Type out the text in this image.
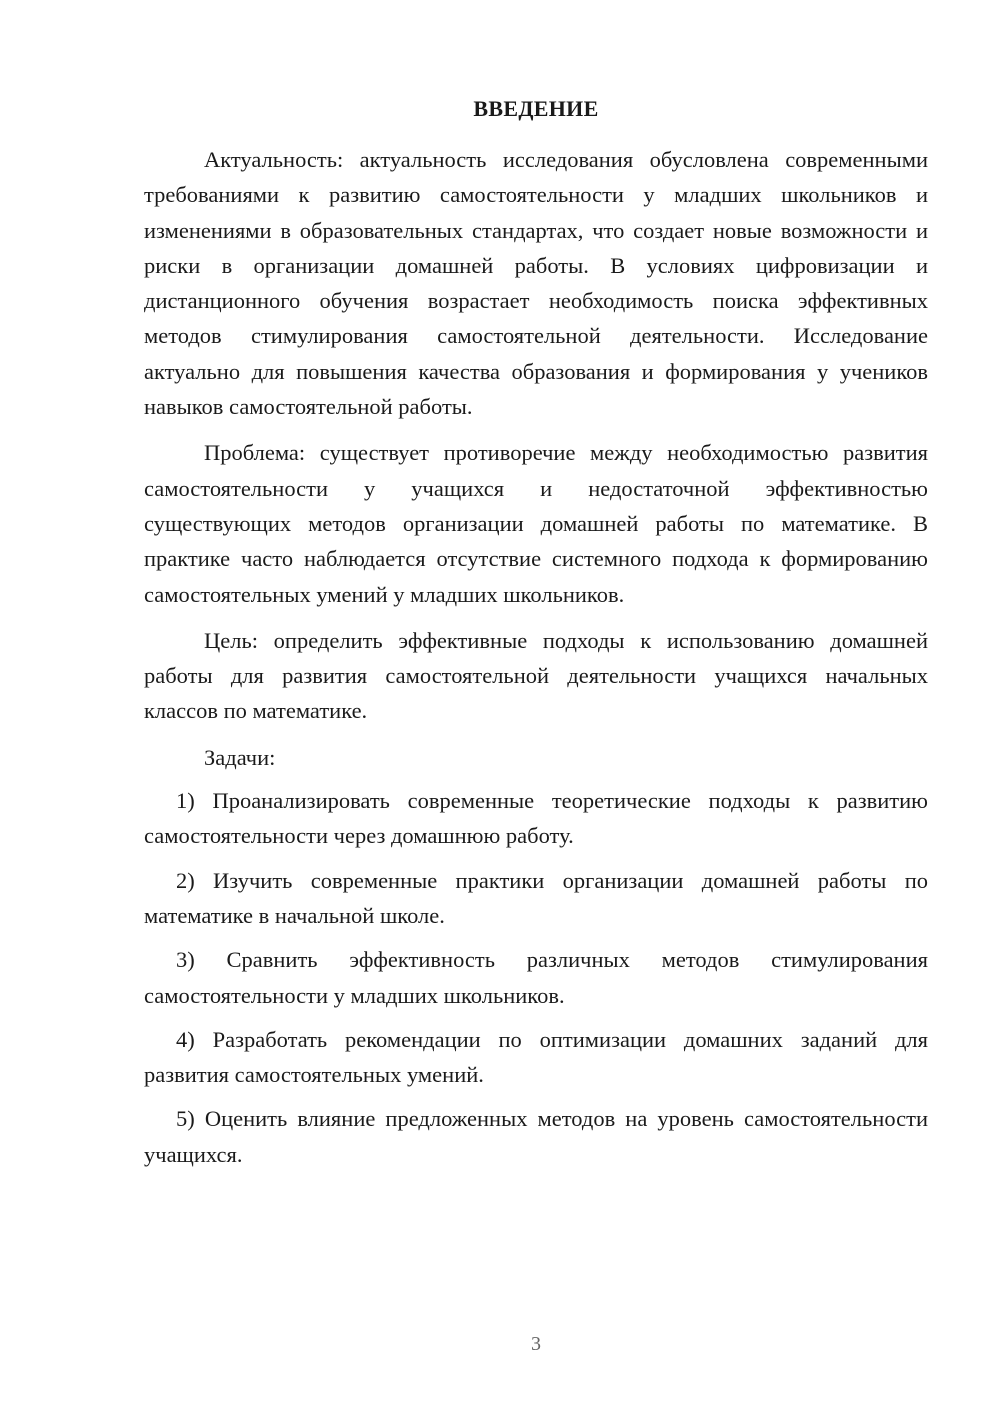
ВВЕДЕНИЕ

Актуальность: актуальность исследования обусловлена современными требованиями к развитию самостоятельности у младших школьников и изменениями в образовательных стандартах, что создает новые возможности и риски в организации домашней работы. В условиях цифровизации и дистанционного обучения возрастает необходимость поиска эффективных методов стимулирования самостоятельной деятельности. Исследование актуально для повышения качества образования и формирования у учеников навыков самостоятельной работы.

Проблема: существует противоречие между необходимостью развития самостоятельности у учащихся и недостаточной эффективностью существующих методов организации домашней работы по математике. В практике часто наблюдается отсутствие системного подхода к формированию самостоятельных умений у младших школьников.

Цель: определить эффективные подходы к использованию домашней работы для развития самостоятельной деятельности учащихся начальных классов по математике.

Задачи:

1) Проанализировать современные теоретические подходы к развитию самостоятельности через домашнюю работу.

2) Изучить современные практики организации домашней работы по математике в начальной школе.

3) Сравнить эффективность различных методов стимулирования самостоятельности у младших школьников.

4) Разработать рекомендации по оптимизации домашних заданий для развития самостоятельных умений.

5) Оценить влияние предложенных методов на уровень самостоятельности учащихся.

3
